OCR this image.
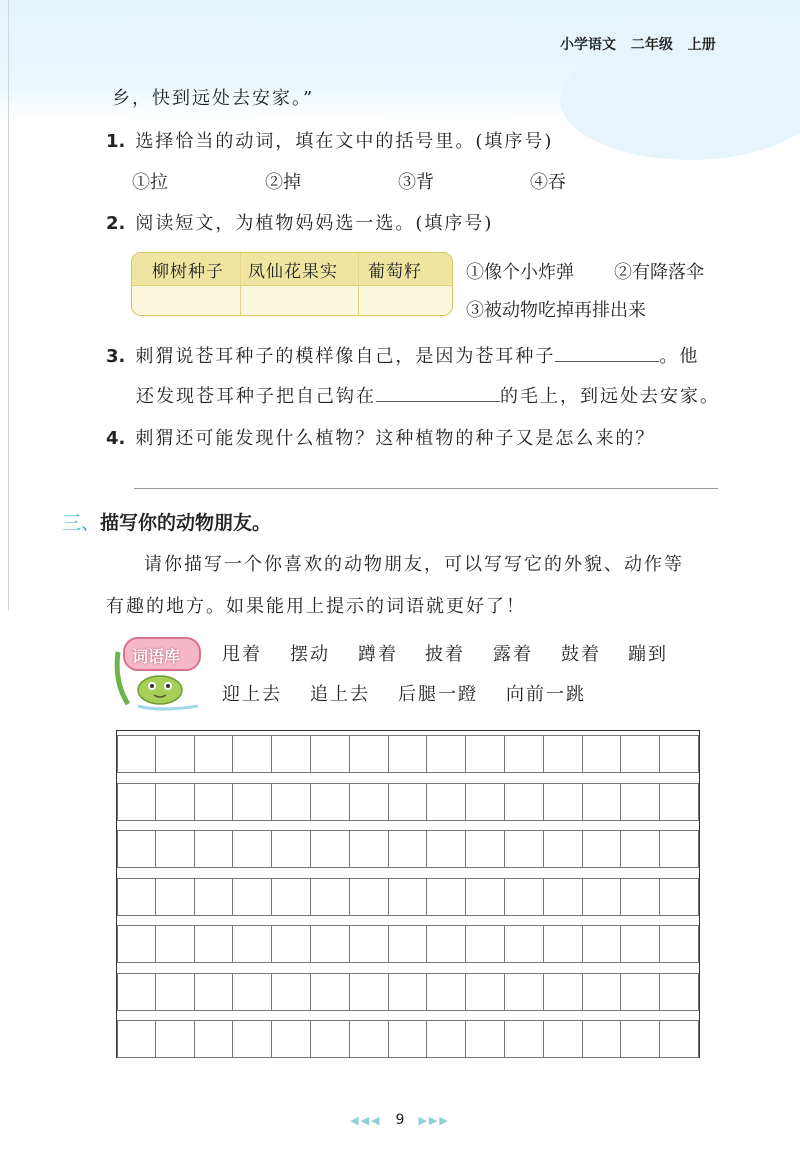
小学语文 二年级 上册
乡，快到远处去安家。”
1. 选择恰当的动词，填在文中的括号里。(填序号)
①拉	②掉	③背	④吞
2. 阅读短文，为植物妈妈选一选。(填序号)
柳树种子 凤仙花果实 葡萄籽 ①像个小炸弹 ②有降落伞
③被动物吃掉再排出来
3. 刺猬说苍耳种子的模样像自己，是因为苍耳种子	。他
还发现苍耳种子把自己钩在	的毛上，到远处去安家。
4. 刺猬还可能发现什么植物？这种植物的种子又是怎么来的？
三、描写你的动物朋友。
请你描写一个你喜欢的动物朋友，可以写写它的外貌、动作等
有趣的地方。如果能用上提示的词语就更好了！
词语库 甩着 摆动 蹲着 披着 露着 鼓着 蹦到
迎上去 追上去 后腿一蹬 向前一跳
◀◀◀ 9 ▶▶▶
